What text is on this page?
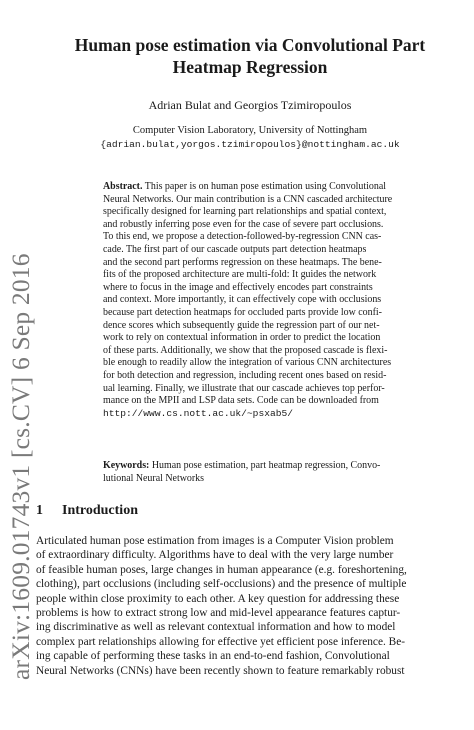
arXiv:1609.01743v1 [cs.CV] 6 Sep 2016
Human pose estimation via Convolutional Part
Heatmap Regression
Adrian Bulat and Georgios Tzimiropoulos
Computer Vision Laboratory, University of Nottingham
{adrian.bulat,yorgos.tzimiropoulos}@nottingham.ac.uk
Abstract. This paper is on human pose estimation using Convolutional
Neural Networks. Our main contribution is a CNN cascaded architecture
specifically designed for learning part relationships and spatial context,
and robustly inferring pose even for the case of severe part occlusions.
To this end, we propose a detection-followed-by-regression CNN cas-
cade. The first part of our cascade outputs part detection heatmaps
and the second part performs regression on these heatmaps. The bene-
fits of the proposed architecture are multi-fold: It guides the network
where to focus in the image and effectively encodes part constraints
and context. More importantly, it can effectively cope with occlusions
because part detection heatmaps for occluded parts provide low confi-
dence scores which subsequently guide the regression part of our net-
work to rely on contextual information in order to predict the location
of these parts. Additionally, we show that the proposed cascade is flexi-
ble enough to readily allow the integration of various CNN architectures
for both detection and regression, including recent ones based on resid-
ual learning. Finally, we illustrate that our cascade achieves top perfor-
mance on the MPII and LSP data sets. Code can be downloaded from
http://www.cs.nott.ac.uk/~psxab5/
Keywords: Human pose estimation, part heatmap regression, Convo-
lutional Neural Networks
1 Introduction
Articulated human pose estimation from images is a Computer Vision problem
of extraordinary difficulty. Algorithms have to deal with the very large number
of feasible human poses, large changes in human appearance (e.g. foreshortening,
clothing), part occlusions (including self-occlusions) and the presence of multiple
people within close proximity to each other. A key question for addressing these
problems is how to extract strong low and mid-level appearance features captur-
ing discriminative as well as relevant contextual information and how to model
complex part relationships allowing for effective yet efficient pose inference. Be-
ing capable of performing these tasks in an end-to-end fashion, Convolutional
Neural Networks (CNNs) have been recently shown to feature remarkably robust
